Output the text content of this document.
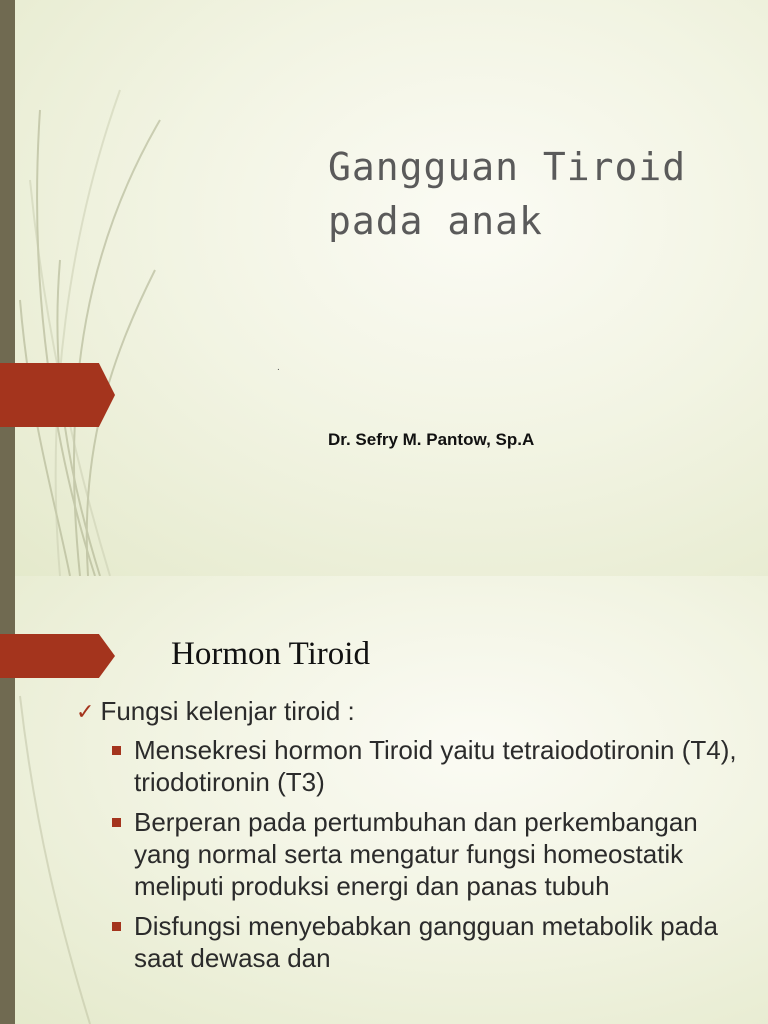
Gangguan Tiroid pada anak
.
Dr. Sefry M. Pantow, Sp.A
Hormon Tiroid
✓ Fungsi kelenjar tiroid :
Mensekresi hormon Tiroid yaitu tetraiodotironin (T4), triodotironin (T3)
Berperan pada pertumbuhan dan perkembangan yang normal serta mengatur fungsi homeostatik meliputi produksi energi dan panas tubuh
Disfungsi menyebabkan gangguan metabolik pada saat dewasa dan
